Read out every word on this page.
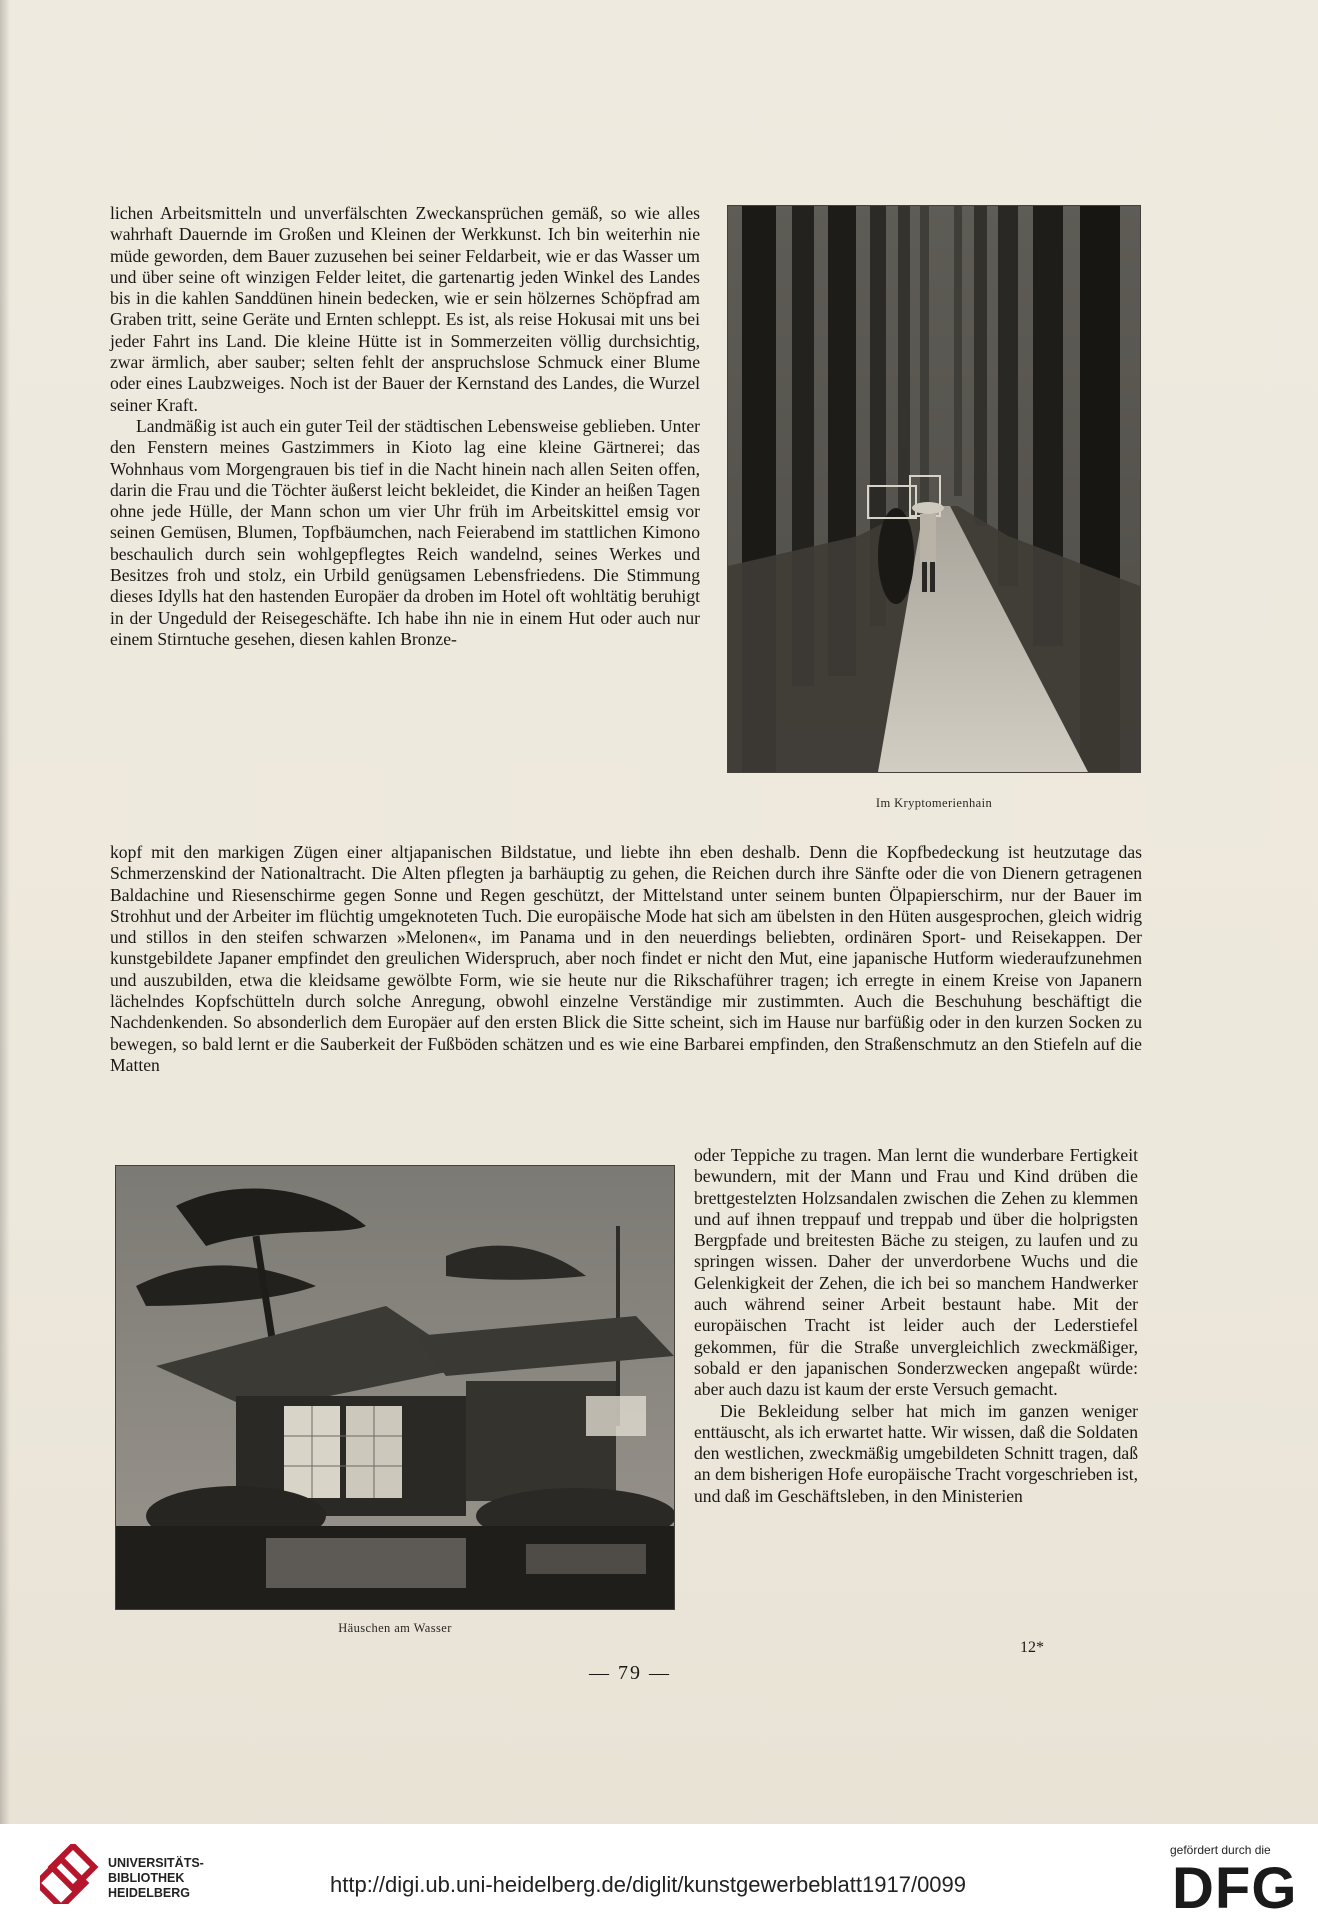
lichen Arbeitsmitteln und unverfälschten Zweckansprüchen gemäß, so wie alles wahrhaft Dauernde im Großen und Kleinen der Werkkunst. Ich bin weiterhin nie müde geworden, dem Bauer zuzusehen bei seiner Feldarbeit, wie er das Wasser um und über seine oft winzigen Felder leitet, die gartenartig jeden Winkel des Landes bis in die kahlen Sanddünen hinein bedecken, wie er sein hölzernes Schöpfrad am Graben tritt, seine Geräte und Ernten schleppt. Es ist, als reise Hokusai mit uns bei jeder Fahrt ins Land. Die kleine Hütte ist in Sommerzeiten völlig durchsichtig, zwar ärmlich, aber sauber; selten fehlt der anspruchslose Schmuck einer Blume oder eines Laubzweiges. Noch ist der Bauer der Kernstand des Landes, die Wurzel seiner Kraft.

Landmäßig ist auch ein guter Teil der städtischen Lebensweise geblieben. Unter den Fenstern meines Gastzimmers in Kioto lag eine kleine Gärtnerei; das Wohnhaus vom Morgengrauen bis tief in die Nacht hinein nach allen Seiten offen, darin die Frau und die Töchter äußerst leicht bekleidet, die Kinder an heißen Tagen ohne jede Hülle, der Mann schon um vier Uhr früh im Arbeitskittel emsig vor seinen Gemüsen, Blumen, Topfbäumchen, nach Feierabend im stattlichen Kimono beschaulich durch sein wohlgepflegtes Reich wandelnd, seines Werkes und Besitzes froh und stolz, ein Urbild genügsamen Lebensfriedens. Die Stimmung dieses Idylls hat den hastenden Europäer da droben im Hotel oft wohltätig beruhigt in der Ungeduld der Reisegeschäfte. Ich habe ihn nie in einem Hut oder auch nur einem Stirntuche gesehen, diesen kahlen Bronze-

Im Kryptomerienhain

kopf mit den markigen Zügen einer altjapanischen Bildstatue, und liebte ihn eben deshalb. Denn die Kopfbedeckung ist heutzutage das Schmerzenskind der Nationaltracht. Die Alten pflegten ja barhäuptig zu gehen, die Reichen durch ihre Sänfte oder die von Dienern getragenen Baldachine und Riesenschirme gegen Sonne und Regen geschützt, der Mittelstand unter seinem bunten Ölpapierschirm, nur der Bauer im Strohhut und der Arbeiter im flüchtig umgeknoteten Tuch. Die europäische Mode hat sich am übelsten in den Hüten ausgesprochen, gleich widrig und stillos in den steifen schwarzen »Melonen«, im Panama und in den neuerdings beliebten, ordinären Sport- und Reisekappen. Der kunstgebildete Japaner empfindet den greulichen Widerspruch, aber noch findet er nicht den Mut, eine japanische Hutform wiederaufzunehmen und auszubilden, etwa die kleidsame gewölbte Form, wie sie heute nur die Rikschaführer tragen; ich erregte in einem Kreise von Japanern lächelndes Kopfschütteln durch solche Anregung, obwohl einzelne Verständige mir zustimmten. Auch die Beschuhung beschäftigt die Nachdenkenden. So absonderlich dem Europäer auf den ersten Blick die Sitte scheint, sich im Hause nur barfüßig oder in den kurzen Socken zu bewegen, so bald lernt er die Sauberkeit der Fußböden schätzen und es wie eine Barbarei empfinden, den Straßenschmutz an den Stiefeln auf die Matten

Häuschen am Wasser

oder Teppiche zu tragen. Man lernt die wunderbare Fertigkeit bewundern, mit der Mann und Frau und Kind drüben die brettgestelzten Holzsandalen zwischen die Zehen zu klemmen und auf ihnen treppauf und treppab und über die holprigsten Bergpfade und breitesten Bäche zu steigen, zu laufen und zu springen wissen. Daher der unverdorbene Wuchs und die Gelenkigkeit der Zehen, die ich bei so manchem Handwerker auch während seiner Arbeit bestaunt habe. Mit der europäischen Tracht ist leider auch der Lederstiefel gekommen, für die Straße unvergleichlich zweckmäßiger, sobald er den japanischen Sonderzwecken angepaßt würde: aber auch dazu ist kaum der erste Versuch gemacht.

Die Bekleidung selber hat mich im ganzen weniger enttäuscht, als ich erwartet hatte. Wir wissen, daß die Soldaten den westlichen, zweckmäßig umgebildeten Schnitt tragen, daß an dem bisherigen Hofe europäische Tracht vorgeschrieben ist, und daß im Geschäftsleben, in den Ministerien

12*
— 79 —
UNIVERSITÄTS-
BIBLIOTHEK
HEIDELBERG	http://digi.ub.uni-heidelberg.de/diglit/kunstgewerbeblatt1917/0099
gefördert durch die
DFG
